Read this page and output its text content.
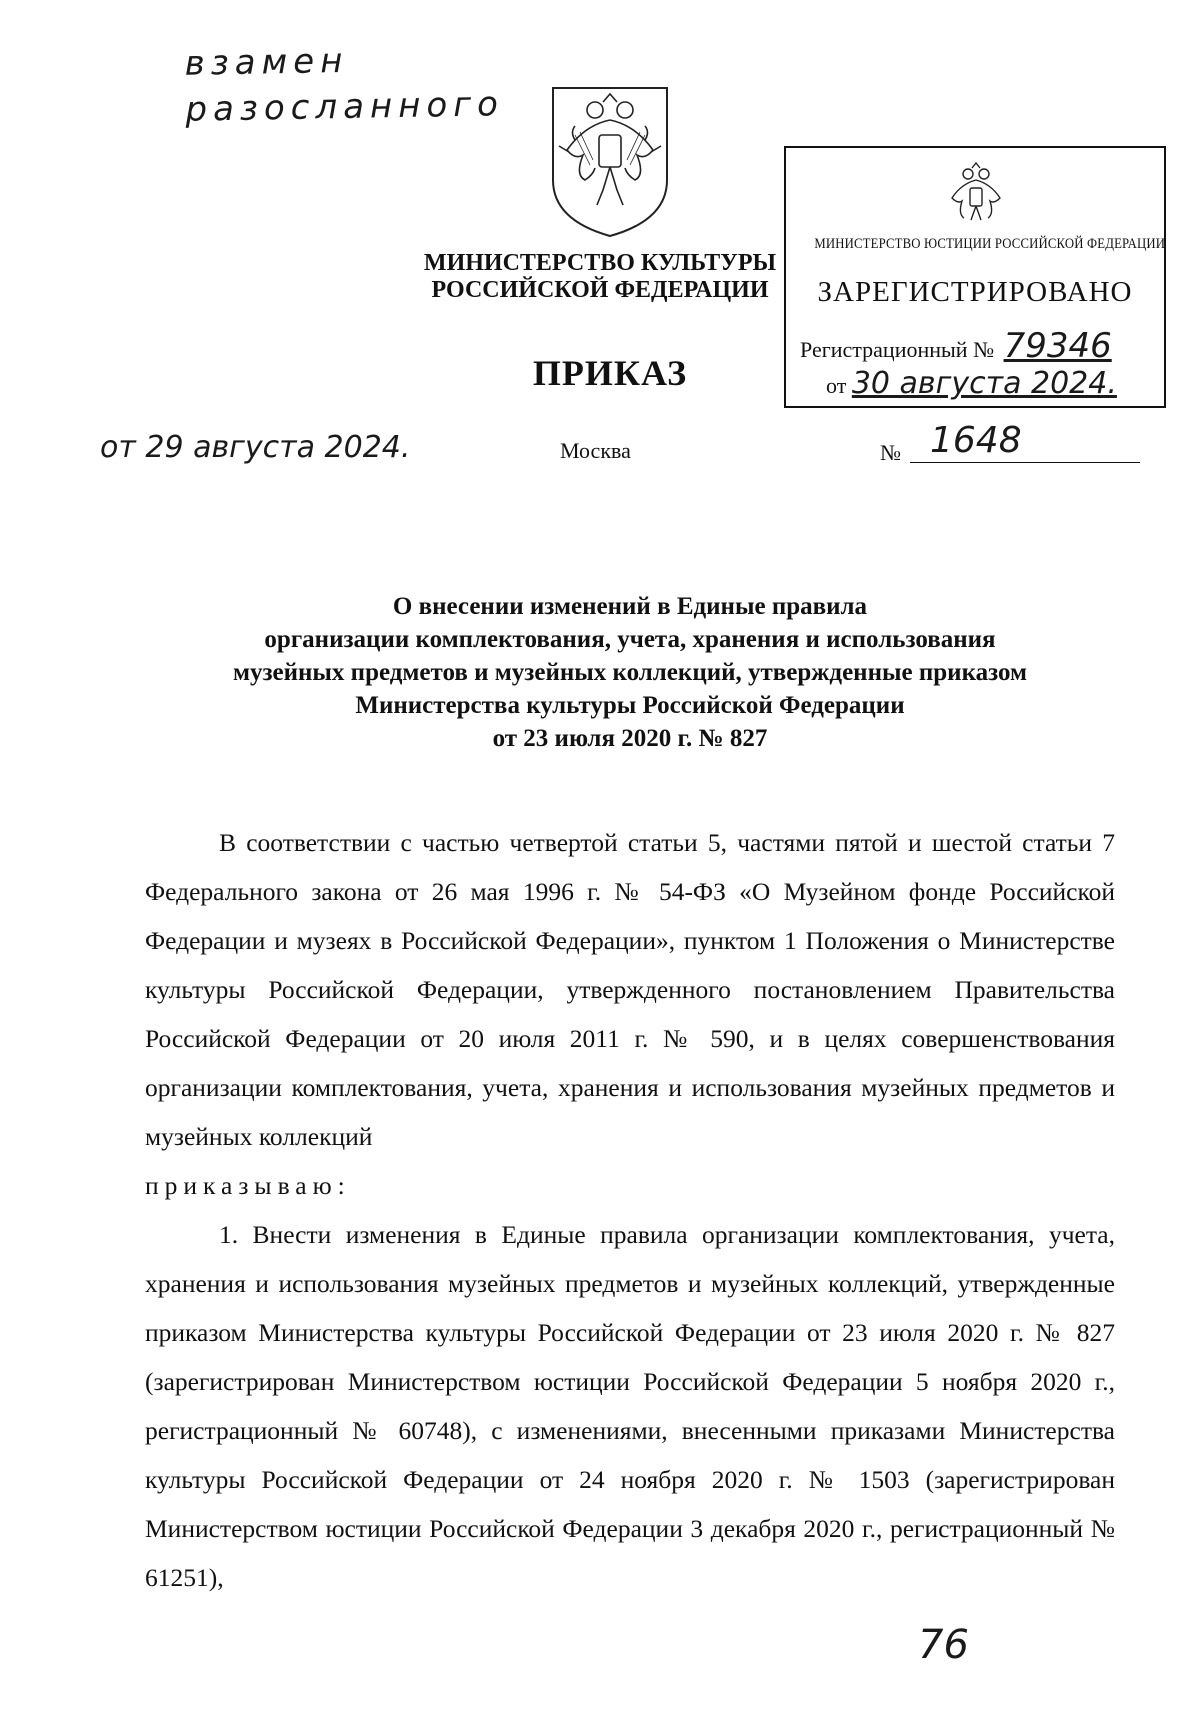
взамен
разосланного
МИНИСТЕРСТВО КУЛЬТУРЫ
РОССИЙСКОЙ ФЕДЕРАЦИИ
МИНИСТЕРСТВО ЮСТИЦИИ РОССИЙСКОЙ ФЕДЕРАЦИИ
ЗАРЕГИСТРИРОВАНО
Регистрационный № 79346
от 30 августа 2024.
ПРИКАЗ
от 29 августа 2024.	Москва	№ 1648
О внесении изменений в Единые правила
организации комплектования, учета, хранения и использования
музейных предметов и музейных коллекций, утвержденные приказом
Министерства культуры Российской Федерации
от 23 июля 2020 г. № 827

В соответствии с частью четвертой статьи 5, частями пятой и шестой статьи 7 Федерального закона от 26 мая 1996 г. № 54-ФЗ «О Музейном фонде Российской Федерации и музеях в Российской Федерации», пунктом 1 Положения о Министерстве культуры Российской Федерации, утвержденного постановлением Правительства Российской Федерации от 20 июля 2011 г. № 590, и в целях совершенствования организации комплектования, учета, хранения и использования музейных предметов и музейных коллекций

приказываю:

1. Внести изменения в Единые правила организации комплектования, учета, хранения и использования музейных предметов и музейных коллекций, утвержденные приказом Министерства культуры Российской Федерации от 23 июля 2020 г. № 827 (зарегистрирован Министерством юстиции Российской Федерации 5 ноября 2020 г., регистрационный № 60748), с изменениями, внесенными приказами Министерства культуры Российской Федерации от 24 ноября 2020 г. № 1503 (зарегистрирован Министерством юстиции Российской Федерации 3 декабря 2020 г., регистрационный № 61251),

76
